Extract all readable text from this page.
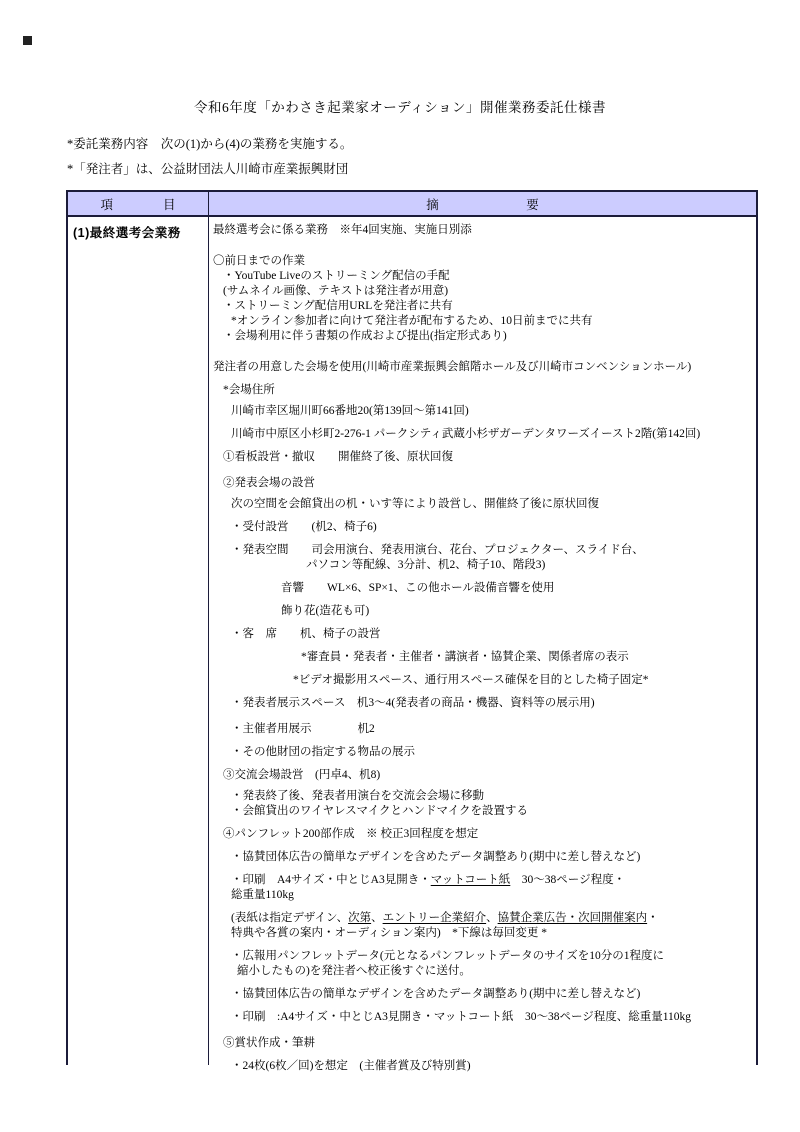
令和6年度「かわさき起業家オーディション」開催業務委託仕様書
*委託業務内容　次の(1)から(4)の業務を実施する。
*「発注者」は、公益財団法人川崎市産業振興財団
項　　　　目	摘　　　　　　　要
(1)最終選考会業務	最終選考会に係る業務　※年4回実施、実施日別添
〇前日までの作業
・YouTube Liveのストリーミング配信の手配
(サムネイル画像、テキストは発注者が用意)
・ストリーミング配信用URLを発注者に共有
*オンライン参加者に向けて発注者が配布するため、10日前までに共有
・会場利用に伴う書類の作成および提出(指定形式あり)
発注者の用意した会場を使用(川崎市産業振興会館階ホール及び川崎市コンベンションホール)
*会場住所
川崎市幸区堀川町66番地20(第139回〜第141回)
川崎市中原区小杉町2-276-1 パークシティ武蔵小杉ザガーデンタワーズイースト2階(第142回)
①看板設営・撤収　　開催終了後、原状回復
②発表会場の設営
次の空間を会館貸出の机・いす等により設営し、開催終了後に原状回復
・受付設営　　(机2、椅子6)
・発表空間　　司会用演台、発表用演台、花台、プロジェクター、スライド台、
パソコン等配線、3分計、机2、椅子10、階段3)
音響　　WL×6、SP×1、この他ホール設備音響を使用
飾り花(造花も可)
・客　席　　机、椅子の設営
*審査員・発表者・主催者・講演者・協賛企業、関係者席の表示
*ビデオ撮影用スペース、通行用スペース確保を目的とした椅子固定*
・発表者展示スペース　机3〜4(発表者の商品・機器、資料等の展示用)
・主催者用展示　　　　机2
・その他財団の指定する物品の展示
③交流会場設営　(円卓4、机8)
・発表終了後、発表者用演台を交流会会場に移動
・会館貸出のワイヤレスマイクとハンドマイクを設置する
④パンフレット200部作成　※ 校正3回程度を想定
・協賛団体広告の簡単なデザインを含めたデータ調整あり(期中に差し替えなど)
・印刷　A4サイズ・中とじA3見開き・マットコート紙　30〜38ページ程度・
総重量110kg
(表紙は指定デザイン、次第、エントリー企業紹介、協賛企業広告・次回開催案内・
特典や各賞の案内・オーディション案内)　*下線は毎回変更 *
・広報用パンフレットデータ(元となるパンフレットデータのサイズを10分の1程度に
縮小したもの)を発注者へ校正後すぐに送付。
・協賛団体広告の簡単なデザインを含めたデータ調整あり(期中に差し替えなど)
・印刷　:A4サイズ・中とじA3見開き・マットコート紙　30〜38ページ程度、総重量110kg
⑤賞状作成・筆耕
・24枚(6枚／回)を想定　(主催者賞及び特別賞)
